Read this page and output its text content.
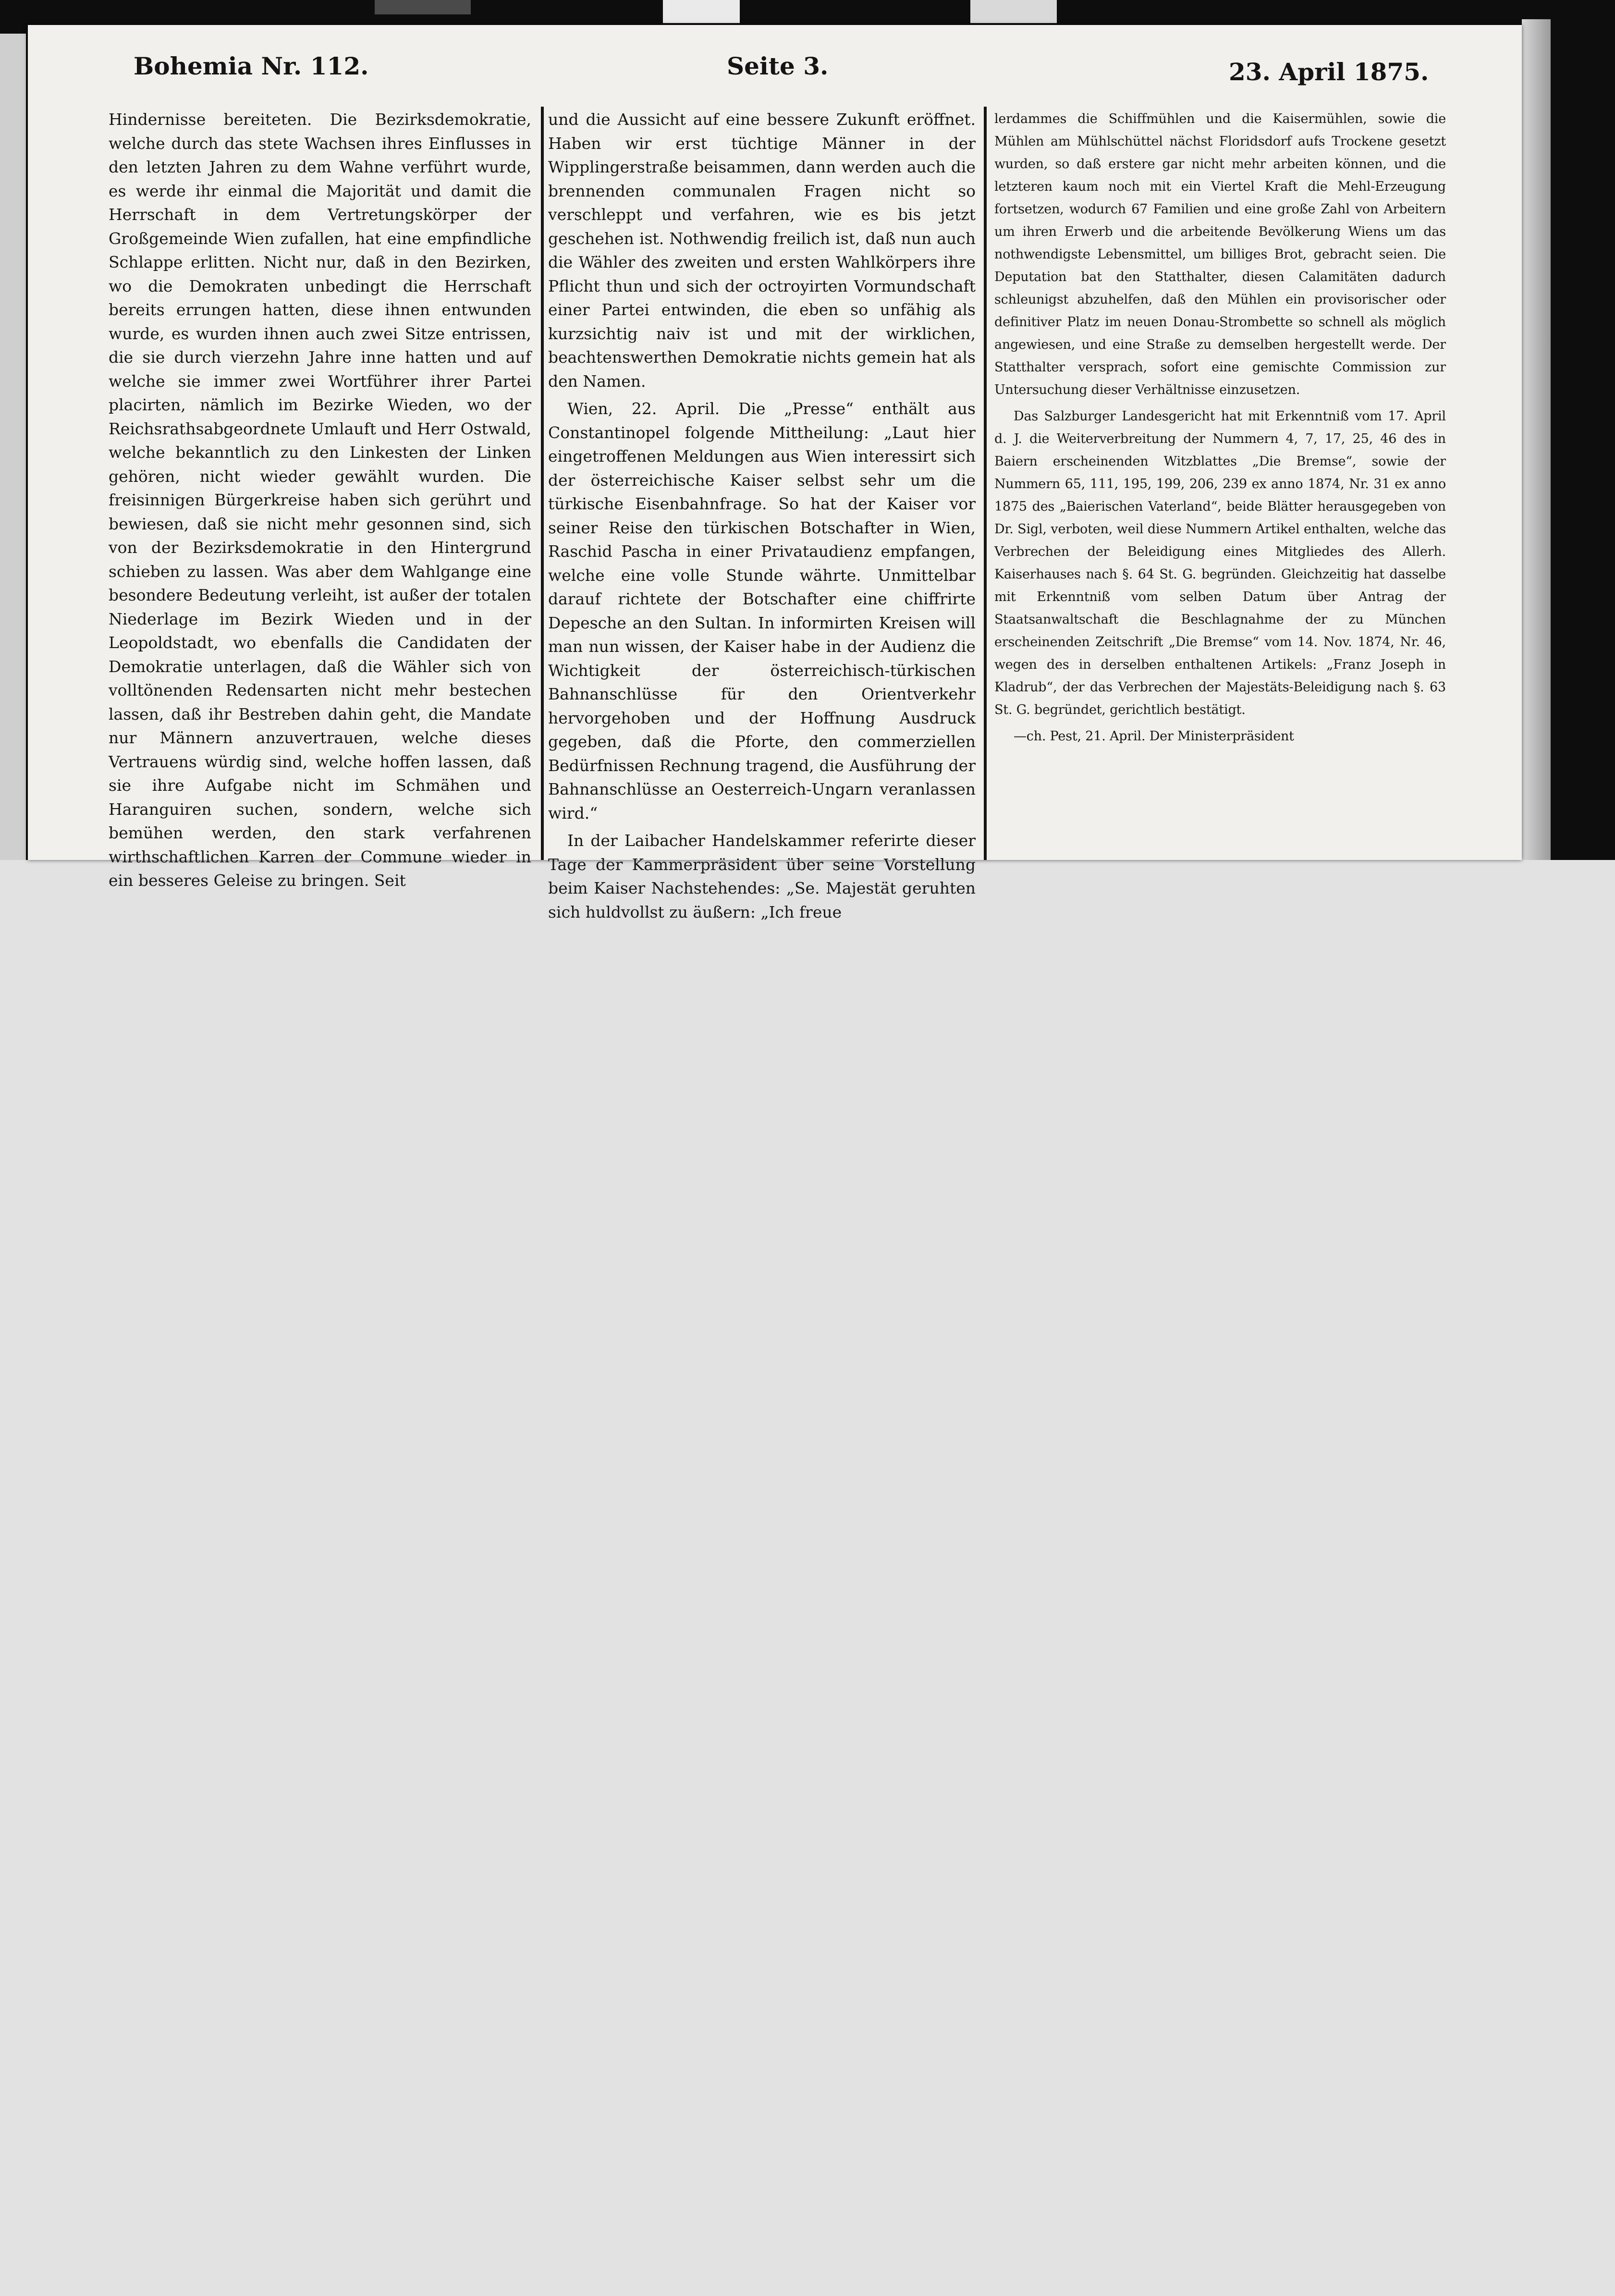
Bohemia Nr. 112.	Seite 3.	23. April 1875.

Hindernisse bereiteten. Die Bezirksdemokratie, welche durch das stete Wachsen ihres Einflusses in den letzten Jahren zu dem Wahne verführt wurde, es werde ihr einmal die Majorität und damit die Herrschaft in dem Vertretungskörper der Großgemeinde Wien zufallen, hat eine empfindliche Schlappe erlitten. Nicht nur, daß in den Bezirken, wo die Demokraten unbedingt die Herrschaft bereits errungen hatten, diese ihnen entwunden wurde, es wurden ihnen auch zwei Sitze entrissen, die sie durch vierzehn Jahre inne hatten und auf welche sie immer zwei Wortführer ihrer Partei placirten, nämlich im Bezirke Wieden, wo der Reichsrathsabgeordnete Umlauft und Herr Ostwald, welche bekanntlich zu den Linkesten der Linken gehören, nicht wieder gewählt wurden. Die freisinnigen Bürgerkreise haben sich gerührt und bewiesen, daß sie nicht mehr gesonnen sind, sich von der Bezirksdemokratie in den Hintergrund schieben zu lassen. Was aber dem Wahlgange eine besondere Bedeutung verleiht, ist außer der totalen Niederlage im Bezirk Wieden und in der Leopoldstadt, wo ebenfalls die Candidaten der Demokratie unterlagen, daß die Wähler sich von volltönenden Redensarten nicht mehr bestechen lassen, daß ihr Bestreben dahin geht, die Mandate nur Männern anzuvertrauen, welche dieses Vertrauens würdig sind, welche hoffen lassen, daß sie ihre Aufgabe nicht im Schmähen und Haranguiren suchen, sondern, welche sich bemühen werden, den stark verfahrenen wirthschaftlichen Karren der Commune wieder in ein besseres Geleise zu bringen. Seit

und die Aussicht auf eine bessere Zukunft eröffnet. Haben wir erst tüchtige Männer in der Wipplingerstraße beisammen, dann werden auch die brennenden communalen Fragen nicht so verschleppt und verfahren, wie es bis jetzt geschehen ist. Nothwendig freilich ist, daß nun auch die Wähler des zweiten und ersten Wahlkörpers ihre Pflicht thun und sich der octroyirten Vormundschaft einer Partei entwinden, die eben so unfähig als kurzsichtig naiv ist und mit der wirklichen, beachtenswerthen Demokratie nichts gemein hat als den Namen.

Wien, 22. April. Die „Presse“ enthält aus Constantinopel folgende Mittheilung: „Laut hier eingetroffenen Meldungen aus Wien interessirt sich der österreichische Kaiser selbst sehr um die türkische Eisenbahnfrage. So hat der Kaiser vor seiner Reise den türkischen Botschafter in Wien, Raschid Pascha in einer Privataudienz empfangen, welche eine volle Stunde währte. Unmittelbar darauf richtete der Botschafter eine chiffrirte Depesche an den Sultan. In informirten Kreisen will man nun wissen, der Kaiser habe in der Audienz die Wichtigkeit der österreichisch-türkischen Bahnanschlüsse für den Orientverkehr hervorgehoben und der Hoffnung Ausdruck gegeben, daß die Pforte, den commerziellen Bedürfnissen Rechnung tragend, die Ausführung der Bahnanschlüsse an Oesterreich-Ungarn veranlassen wird.“

In der Laibacher Handelskammer referirte dieser Tage der Kammerpräsident über seine Vorstellung beim Kaiser Nachstehendes: „Se. Majestät geruhten sich huldvollst zu äußern: „Ich freue

lerdammes die Schiffmühlen und die Kaisermühlen, sowie die Mühlen am Mühlschüttel nächst Floridsdorf aufs Trockene gesetzt wurden, so daß erstere gar nicht mehr arbeiten können, und die letzteren kaum noch mit ein Viertel Kraft die Mehl-Erzeugung fortsetzen, wodurch 67 Familien und eine große Zahl von Arbeitern um ihren Erwerb und die arbeitende Bevölkerung Wiens um das nothwendigste Lebensmittel, um billiges Brot, gebracht seien. Die Deputation bat den Statthalter, diesen Calamitäten dadurch schleunigst abzuhelfen, daß den Mühlen ein provisorischer oder definitiver Platz im neuen Donau-Strombette so schnell als möglich angewiesen, und eine Straße zu demselben hergestellt werde. Der Statthalter versprach, sofort eine gemischte Commission zur Untersuchung dieser Verhältnisse einzusetzen.

Das Salzburger Landesgericht hat mit Erkenntniß vom 17. April d. J. die Weiterverbreitung der Nummern 4, 7, 17, 25, 46 des in Baiern erscheinenden Witzblattes „Die Bremse“, sowie der Nummern 65, 111, 195, 199, 206, 239 ex anno 1874, Nr. 31 ex anno 1875 des „Baierischen Vaterland“, beide Blätter herausgegeben von Dr. Sigl, verboten, weil diese Nummern Artikel enthalten, welche das Verbrechen der Beleidigung eines Mitgliedes des Allerh. Kaiserhauses nach §. 64 St. G. begründen. Gleichzeitig hat dasselbe mit Erkenntniß vom selben Datum über Antrag der Staatsanwaltschaft die Beschlagnahme der zu München erscheinenden Zeitschrift „Die Bremse“ vom 14. Nov. 1874, Nr. 46, wegen des in derselben enthaltenen Artikels: „Franz Joseph in Kladrub“, der das Verbrechen der Majestäts-Beleidigung nach §. 63 St. G. begründet, gerichtlich bestätigt.

—ch. Pest, 21. April. Der Ministerpräsident
